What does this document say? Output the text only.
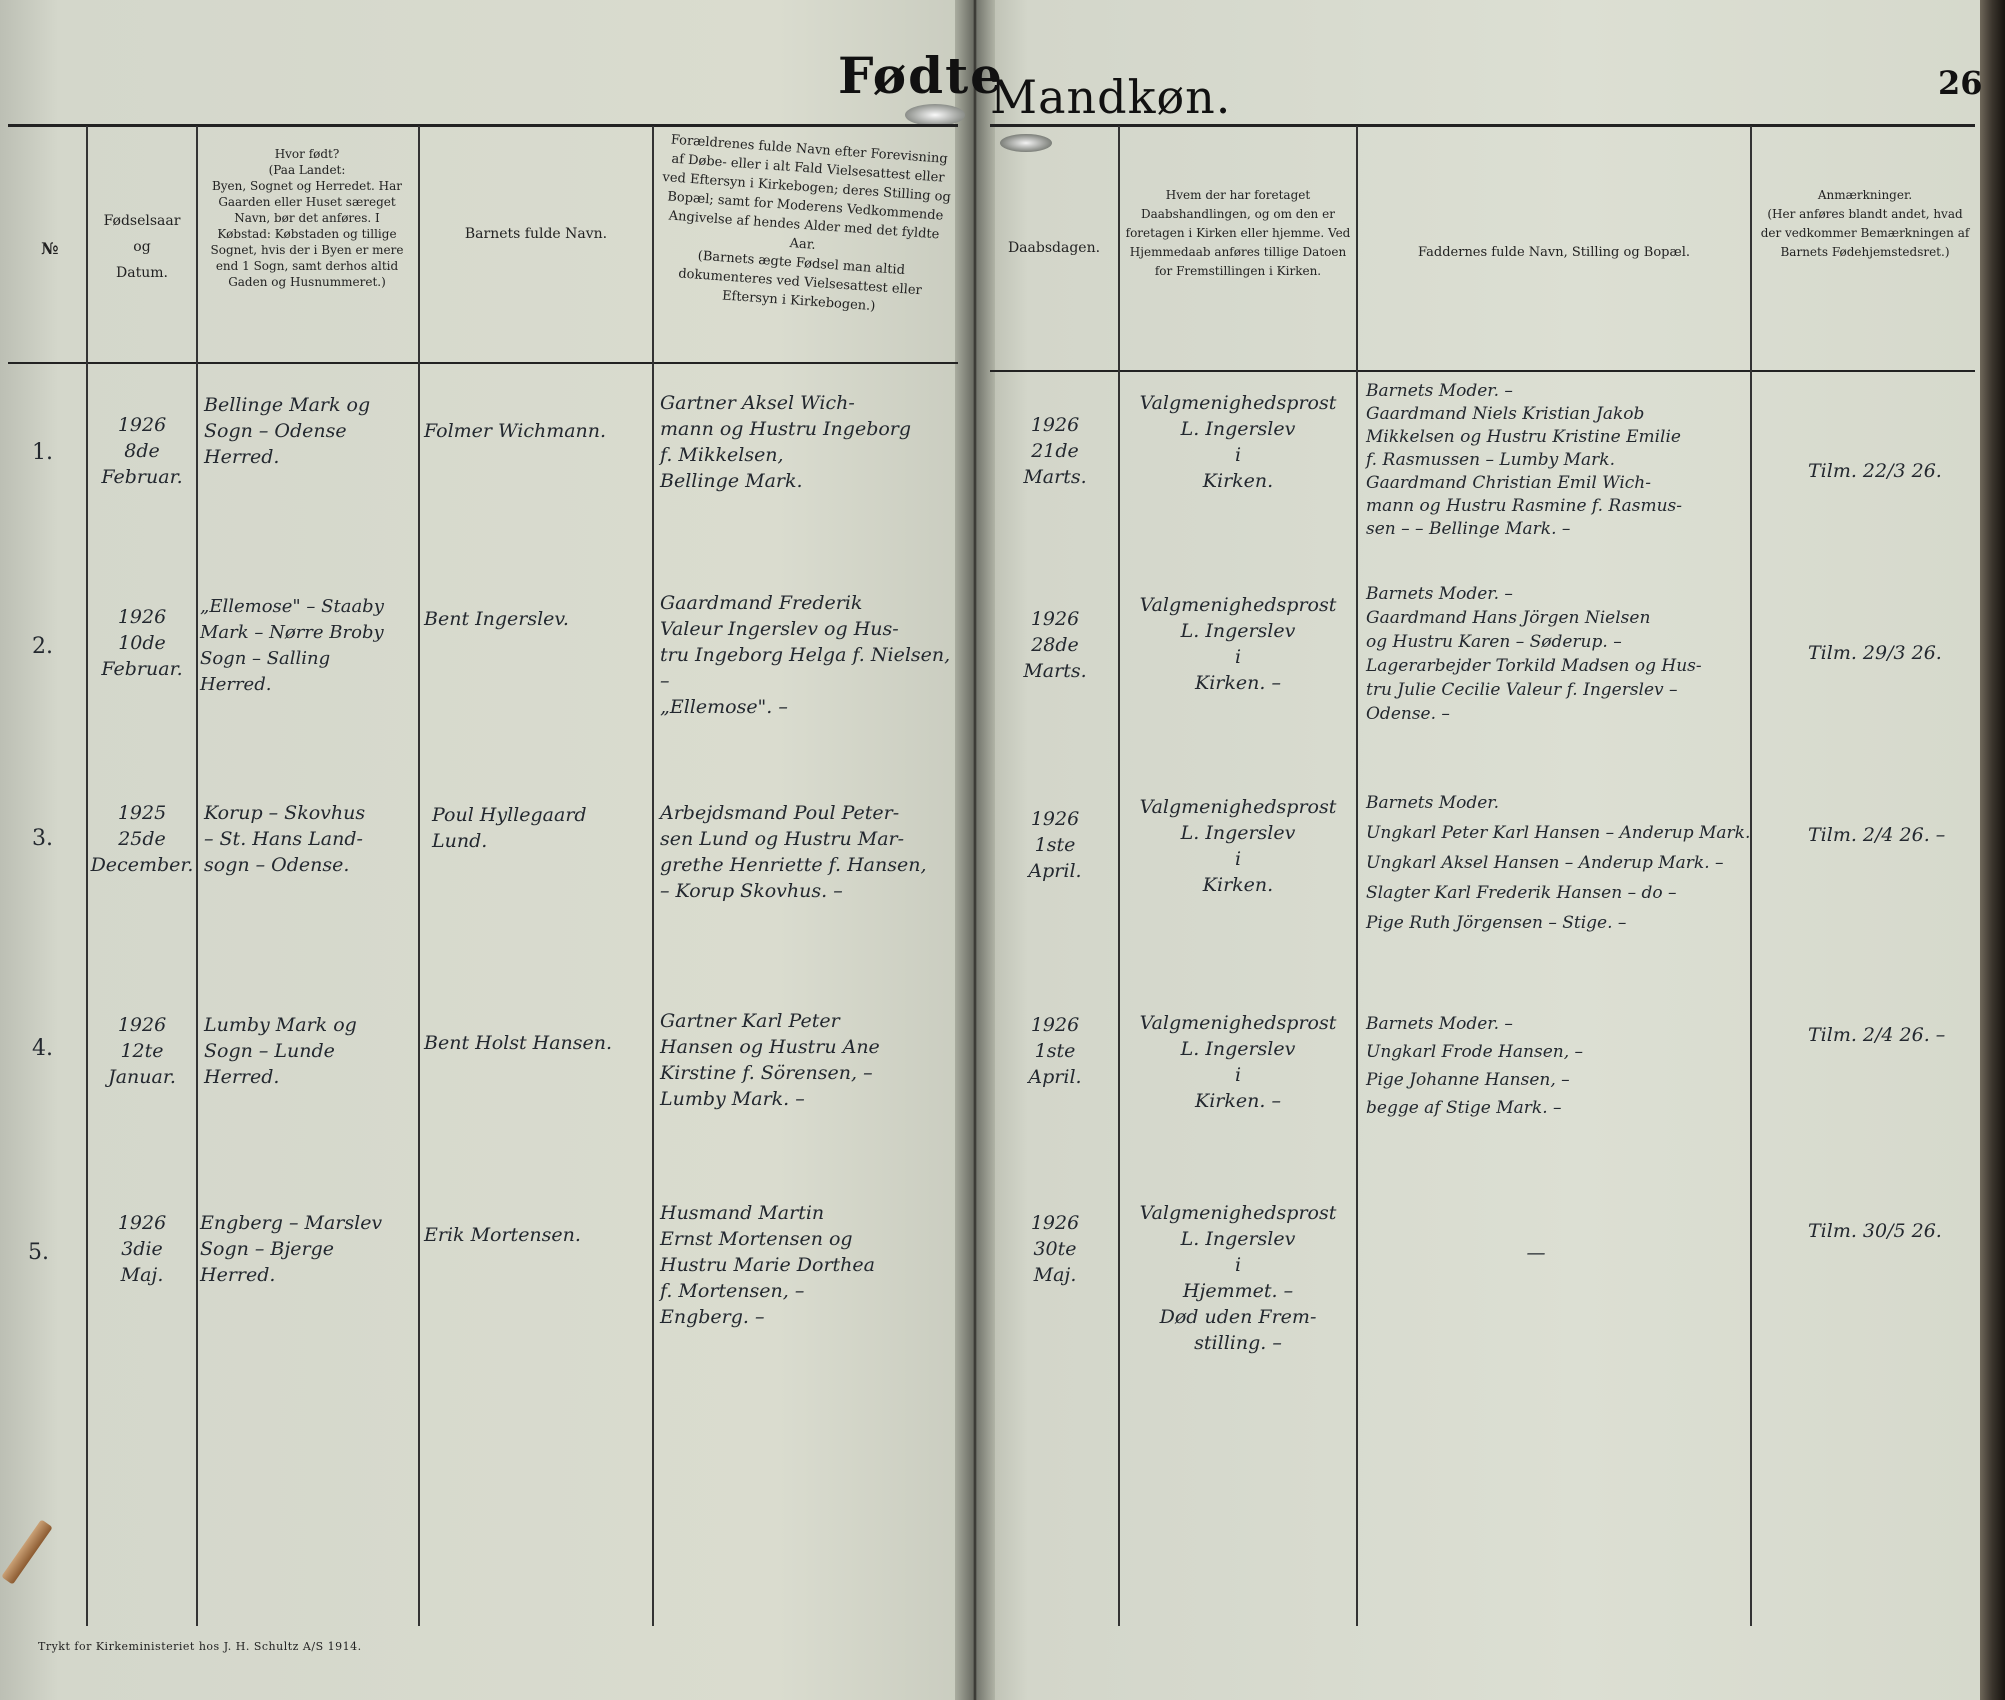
Fødte
Mandkøn.	26
№
Fødselsaar
og
Datum.
Hvor født?
(Paa Landet:
Byen, Sognet og Herredet. Har Gaarden eller Huset særeget Navn, bør det anføres. I
Købstad: Købstaden og tillige Sognet, hvis der i Byen er mere end 1 Sogn, samt derhos altid Gaden og Husnummeret.)
Barnets fulde Navn.
Forældrenes fulde Navn efter Forevisning af Døbe- eller i alt Fald Vielsesattest eller ved Eftersyn i Kirkebogen; deres Stilling og Bopæl; samt for Moderens Vedkommende Angivelse af hendes Alder med det fyldte Aar.
(Barnets ægte Fødsel man altid dokumenteres ved Vielsesattest eller Eftersyn i Kirkebogen.)
Daabsdagen.
Hvem der har foretaget Daabshandlingen, og om den er foretagen i Kirken eller hjemme. Ved Hjemmedaab anføres tillige Datoen for Fremstillingen i Kirken.
Faddernes fulde Navn, Stilling og Bopæl.
Anmærkninger.
(Her anføres blandt andet, hvad der vedkommer Bemærkningen af Barnets Fødehjemstedsret.)
1.
1926
8de
Februar.
Bellinge Mark og
Sogn – Odense
Herred.
Folmer Wichmann.
Gartner Aksel Wich-
mann og Hustru Ingeborg
f. Mikkelsen,
Bellinge Mark.
1926
21de
Marts.
Valgmenighedsprost
L. Ingerslev
i
Kirken.
Barnets Moder. –
Gaardmand Niels Kristian Jakob
Mikkelsen og Hustru Kristine Emilie
f. Rasmussen – Lumby Mark.
Gaardmand Christian Emil Wich-
mann og Hustru Rasmine f. Rasmus-
sen – – Bellinge Mark. –
Tilm. 22/3 26.
2.
1926
10de
Februar.
„Ellemose" – Staaby
Mark – Nørre Broby
Sogn – Salling
Herred.
Bent Ingerslev.
Gaardmand Frederik
Valeur Ingerslev og Hus-
tru Ingeborg Helga f. Nielsen, –
„Ellemose". –
1926
28de
Marts.
Valgmenighedsprost
L. Ingerslev
i
Kirken. –
Barnets Moder. –
Gaardmand Hans Jörgen Nielsen
og Hustru Karen – Søderup. –
Lagerarbejder Torkild Madsen og Hus-
tru Julie Cecilie Valeur f. Ingerslev –
Odense. –
Tilm. 29/3 26.
3.
1925
25de
December.
Korup – Skovhus
– St. Hans Land-
sogn – Odense.
Poul Hyllegaard
Lund.
Arbejdsmand Poul Peter-
sen Lund og Hustru Mar-
grethe Henriette f. Hansen,
– Korup Skovhus. –
1926
1ste
April.
Valgmenighedsprost
L. Ingerslev
i
Kirken.
Barnets Moder.
Ungkarl Peter Karl Hansen – Anderup Mark.
Ungkarl Aksel Hansen – Anderup Mark. –
Slagter Karl Frederik Hansen – do –
Pige Ruth Jörgensen – Stige. –
Tilm. 2/4 26. –
4.
1926
12te
Januar.
Lumby Mark og
Sogn – Lunde
Herred.
Bent Holst Hansen.
Gartner Karl Peter
Hansen og Hustru Ane
Kirstine f. Sörensen, –
Lumby Mark. –
1926
1ste
April.
Valgmenighedsprost
L. Ingerslev
i
Kirken. –
Barnets Moder. –
Ungkarl Frode Hansen, –
Pige Johanne Hansen, –
begge af Stige Mark. –
Tilm. 2/4 26. –
5.
1926
3die
Maj.
Engberg – Marslev
Sogn – Bjerge
Herred.
Erik Mortensen.
Husmand Martin
Ernst Mortensen og
Hustru Marie Dorthea
f. Mortensen, –
Engberg. –
1926
30te
Maj.
Valgmenighedsprost
L. Ingerslev
i
Hjemmet. –
Død uden Frem-
stilling. –
—
Tilm. 30/5 26.
Trykt for Kirkeministeriet hos J. H. Schultz A/S 1914.
